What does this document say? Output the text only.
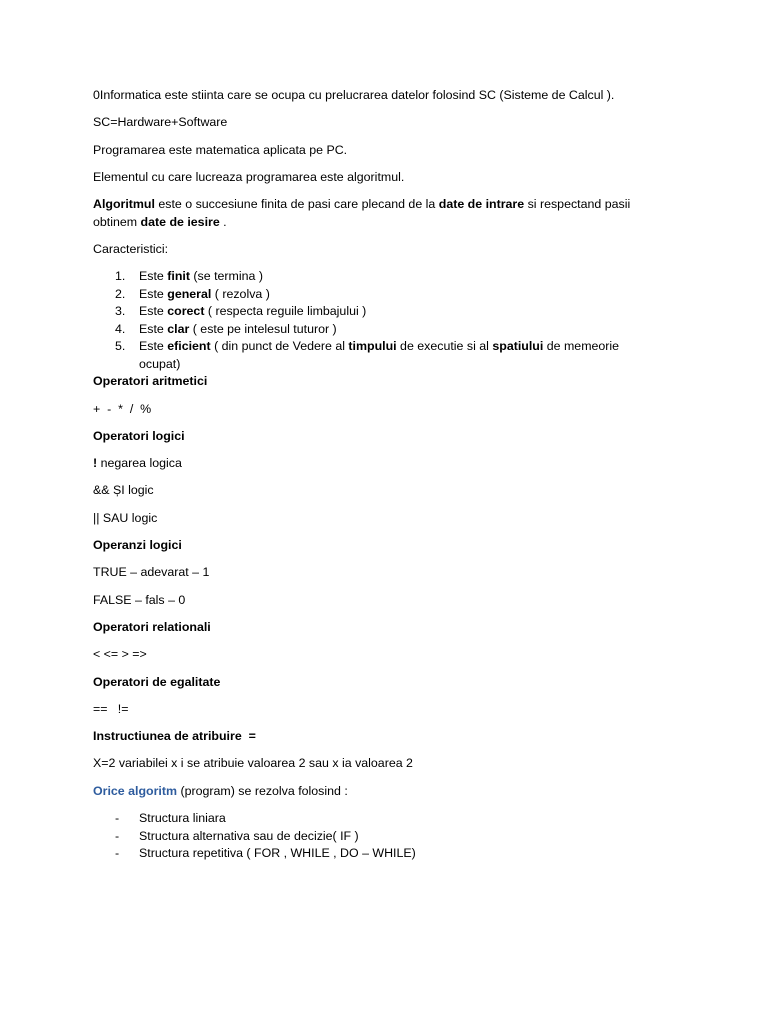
0Informatica este stiinta care se ocupa cu prelucrarea datelor folosind SC (Sisteme de Calcul ).

SC=Hardware+Software

Programarea este matematica aplicata pe PC.

Elementul cu care lucreaza programarea este algoritmul.

Algoritmul este o succesiune finita de pasi care plecand de la date de intrare si respectand pasii obtinem date de iesire .

Caracteristici:

1. Este finit (se termina )
2. Este general ( rezolva )
3. Este corect ( respecta reguile limbajului )
4. Este clar ( este pe intelesul tuturor )
5. Este eficient ( din punct de Vedere al timpului de executie si al spatiului de memeorie ocupat)

Operatori aritmetici

+  -  *  /  %

Operatori logici

! negarea logica

&& ȘI logic

|| SAU logic

Operanzi logici

TRUE – adevarat – 1

FALSE – fals – 0

Operatori relationali

< <= > =>

Operatori de egalitate

==   !=

Instructiunea de atribuire  =

X=2 variabilei x i se atribuie valoarea 2 sau x ia valoarea 2

Orice algoritm (program) se rezolva folosind :

- Structura liniara
- Structura alternativa sau de decizie( IF )
- Structura repetitiva ( FOR , WHILE , DO – WHILE)
